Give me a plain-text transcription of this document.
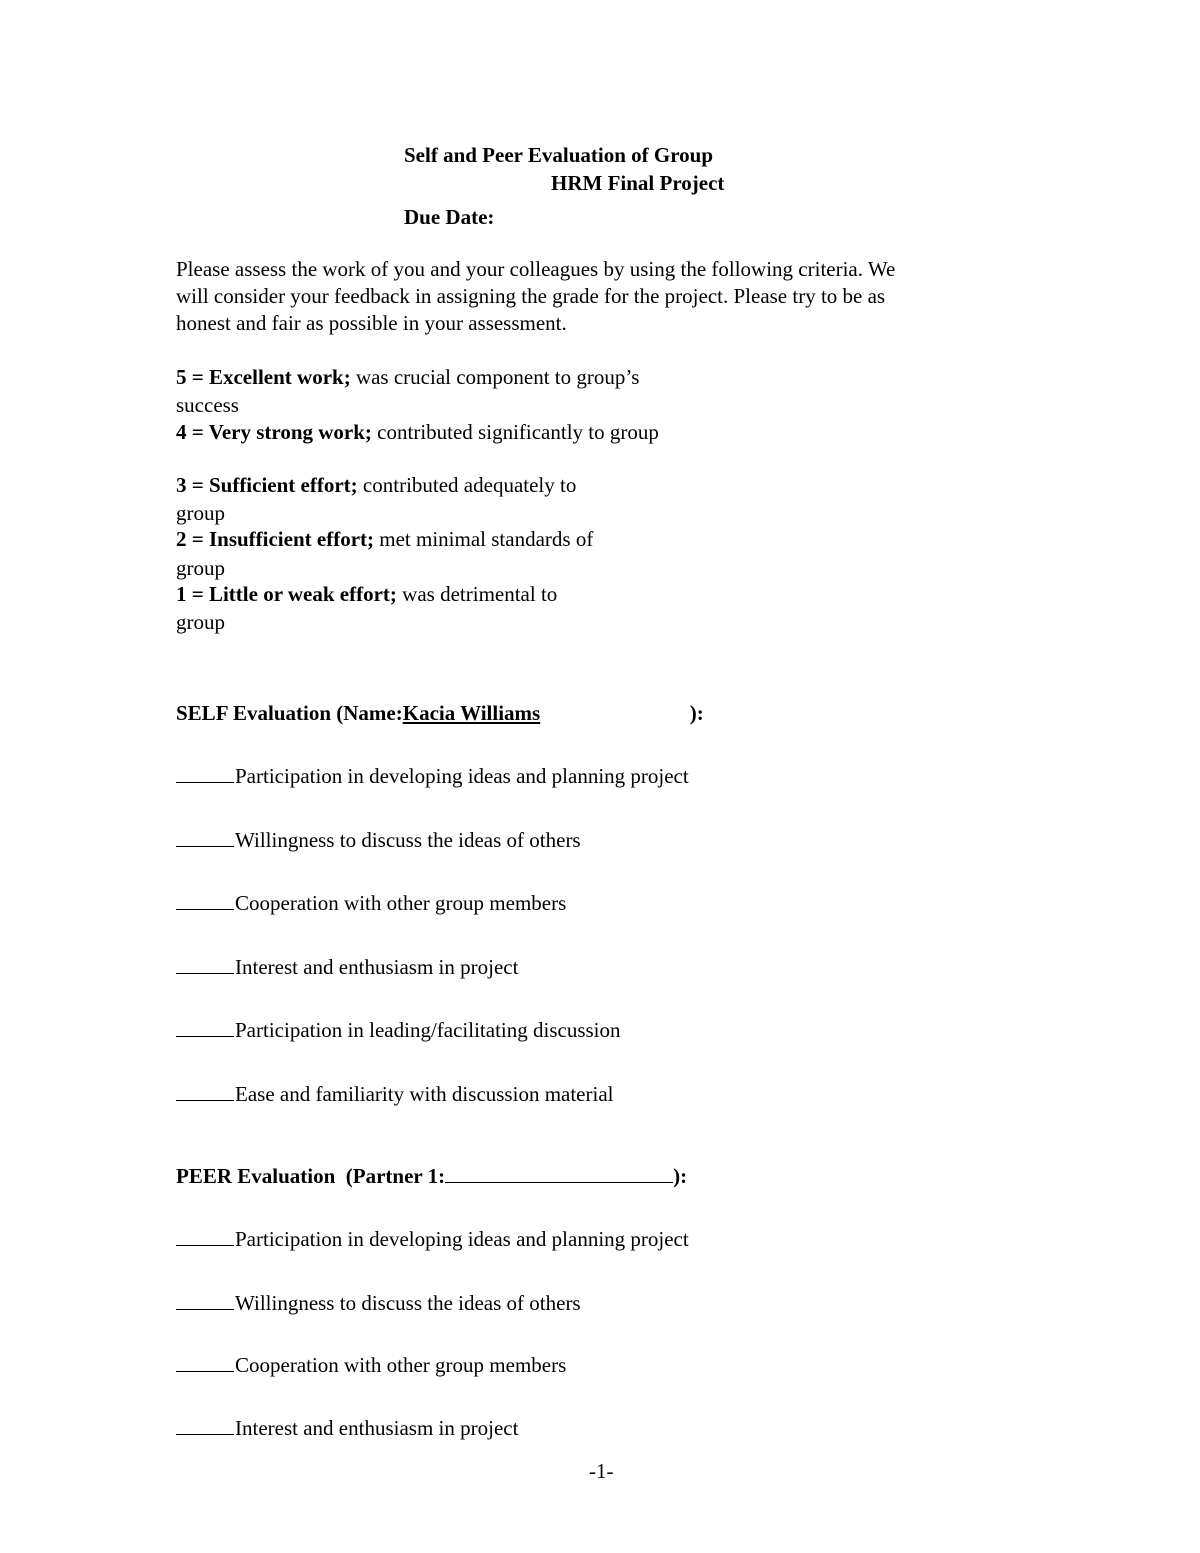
Self and Peer Evaluation of Group
HRM Final Project
Due Date:
Please assess the work of you and your colleagues by using the following criteria. We
will consider your feedback in assigning the grade for the project. Please try to be as
honest and fair as possible in your assessment.
5 = Excellent work; was crucial component to group’s
success
4 = Very strong work; contributed significantly to group
3 = Sufficient effort; contributed adequately to
group
2 = Insufficient effort; met minimal standards of
group
1 = Little or weak effort; was detrimental to
group
SELF Evaluation (Name:Kacia Williams	):
Participation in developing ideas and planning project
Willingness to discuss the ideas of others
Cooperation with other group members
Interest and enthusiasm in project
Participation in leading/facilitating discussion
Ease and familiarity with discussion material
PEER Evaluation  (Partner 1:	):
Participation in developing ideas and planning project
Willingness to discuss the ideas of others
Cooperation with other group members
Interest and enthusiasm in project
-1-
